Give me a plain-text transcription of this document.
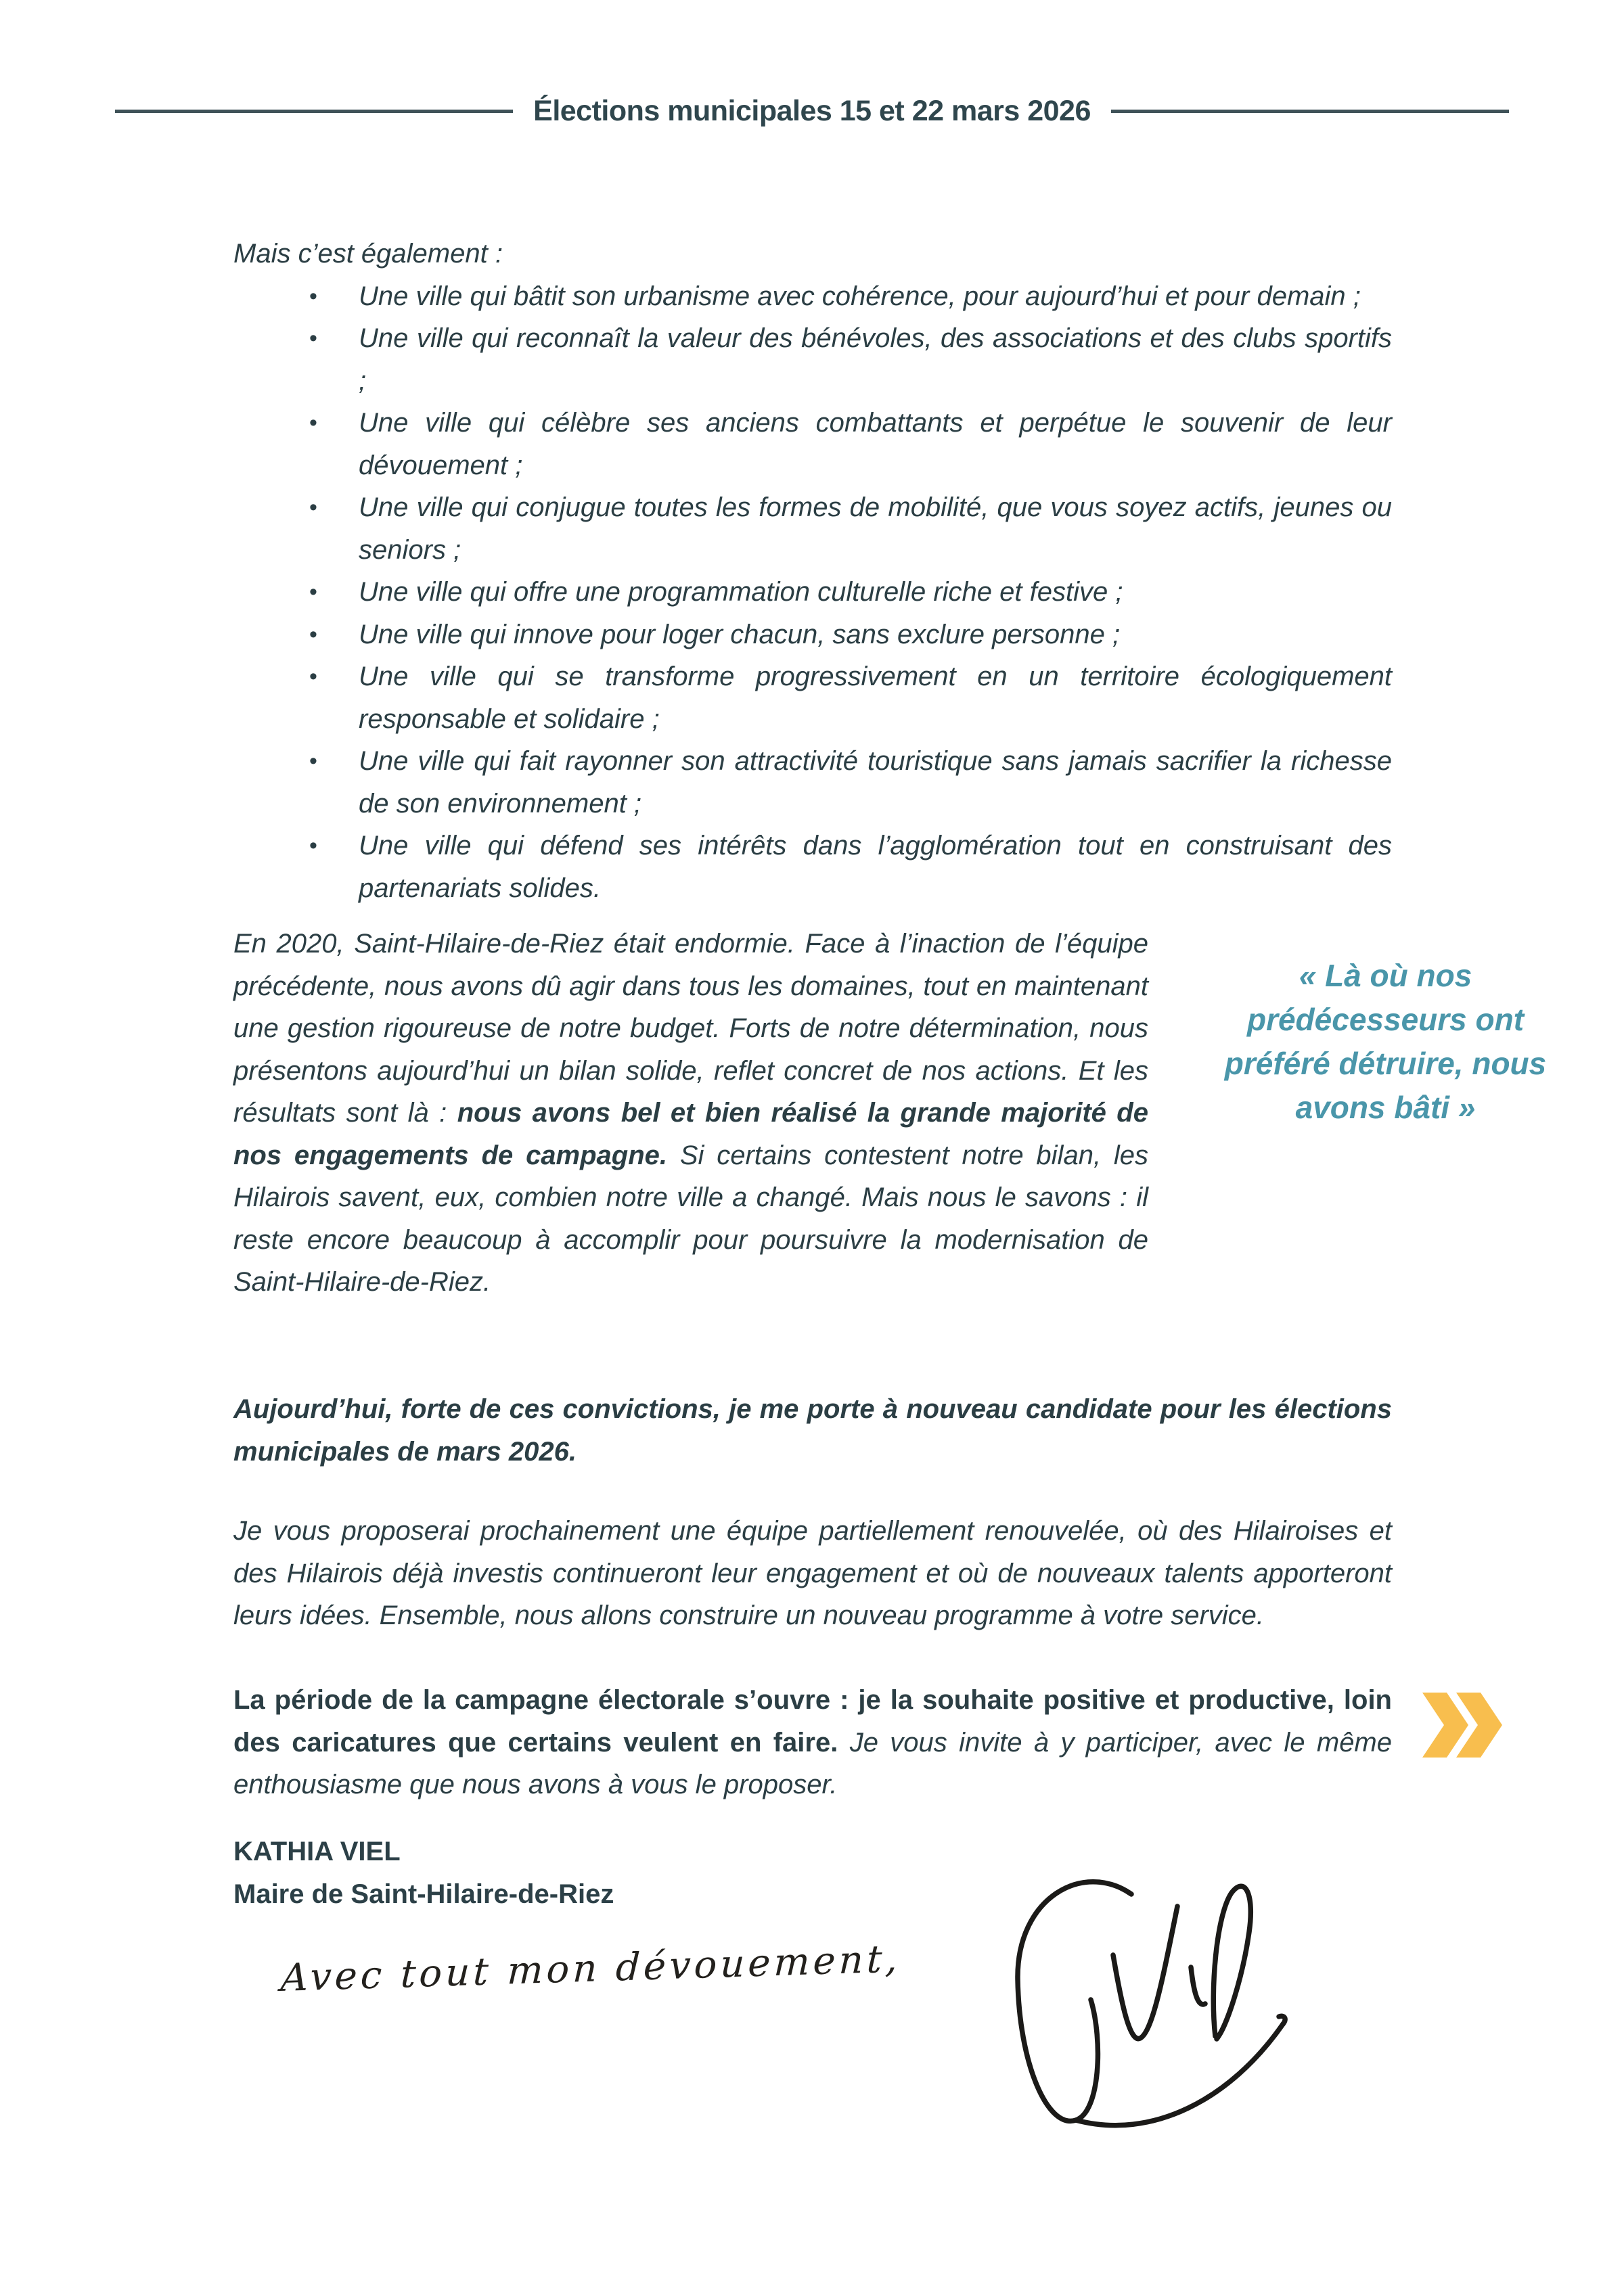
Élections municipales 15 et 22 mars 2026

Mais c’est également :

• Une ville qui bâtit son urbanisme avec cohérence, pour aujourd’hui et pour demain ;
• Une ville qui reconnaît la valeur des bénévoles, des associations et des clubs sportifs ;
• Une ville qui célèbre ses anciens combattants et perpétue le souvenir de leur dévouement ;
• Une ville qui conjugue toutes les formes de mobilité, que vous soyez actifs, jeunes ou seniors ;
• Une ville qui offre une programmation culturelle riche et festive ;
• Une ville qui innove pour loger chacun, sans exclure personne ;
• Une ville qui se transforme progressivement en un territoire écologiquement responsable et solidaire ;
• Une ville qui fait rayonner son attractivité touristique sans jamais sacrifier la richesse de son environnement ;
• Une ville qui défend ses intérêts dans l’agglomération tout en construisant des partenariats solides.

En 2020, Saint-Hilaire-de-Riez était endormie. Face à l’inaction de l’équipe précédente, nous avons dû agir dans tous les domaines, tout en maintenant une gestion rigoureuse de notre budget. Forts de notre détermination, nous présentons aujourd’hui un bilan solide, reflet concret de nos actions. Et les résultats sont là : nous avons bel et bien réalisé la grande majorité de nos engagements de campagne. Si certains contestent notre bilan, les Hilairois savent, eux, combien notre ville a changé. Mais nous le savons : il reste encore beaucoup à accomplir pour poursuivre la modernisation de Saint-Hilaire-de-Riez.

« Là où nos prédécesseurs ont préféré détruire, nous avons bâti »

Aujourd’hui, forte de ces convictions, je me porte à nouveau candidate pour les élections municipales de mars 2026.

Je vous proposerai prochainement une équipe partiellement renouvelée, où des Hilairoises et des Hilairois déjà investis continueront leur engagement et où de nouveaux talents apporteront leurs idées. Ensemble, nous allons construire un nouveau programme à votre service.

La période de la campagne électorale s’ouvre : je la souhaite positive et productive, loin des caricatures que certains veulent en faire. Je vous invite à y participer, avec le même enthousiasme que nous avons à vous le proposer.

KATHIA VIEL
Maire de Saint-Hilaire-de-Riez
Avec tout mon dévouement,
